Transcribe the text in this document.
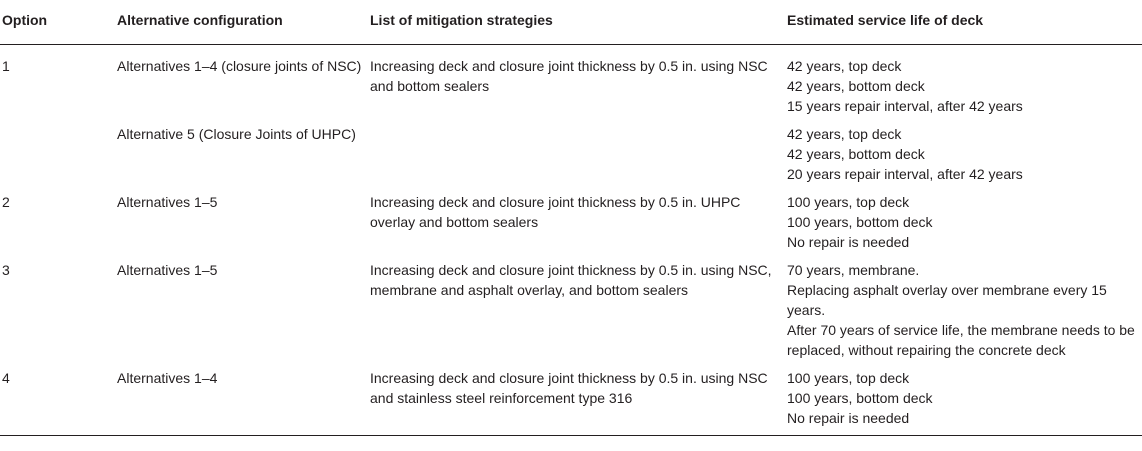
Option	Alternative configuration	List of mitigation strategies	Estimated service life of deck
1	Alternatives 1–4 (closure joints of NSC)	Increasing deck and closure joint thickness by 0.5 in. using NSC and bottom sealers	42 years, top deck
42 years, bottom deck
15 years repair interval, after 42 years

	Alternative 5 (Closure Joints of UHPC)		42 years, top deck
42 years, bottom deck
20 years repair interval, after 42 years

2	Alternatives 1–5	Increasing deck and closure joint thickness by 0.5 in. UHPC overlay and bottom sealers	100 years, top deck
100 years, bottom deck
No repair is needed

3	Alternatives 1–5	Increasing deck and closure joint thickness by 0.5 in. using NSC, membrane and asphalt overlay, and bottom sealers	70 years, membrane.
Replacing asphalt overlay over membrane every 15 years.
After 70 years of service life, the membrane needs to be replaced, without repairing the concrete deck

4	Alternatives 1–4	Increasing deck and closure joint thickness by 0.5 in. using NSC and stainless steel reinforcement type 316	100 years, top deck
100 years, bottom deck
No repair is needed
